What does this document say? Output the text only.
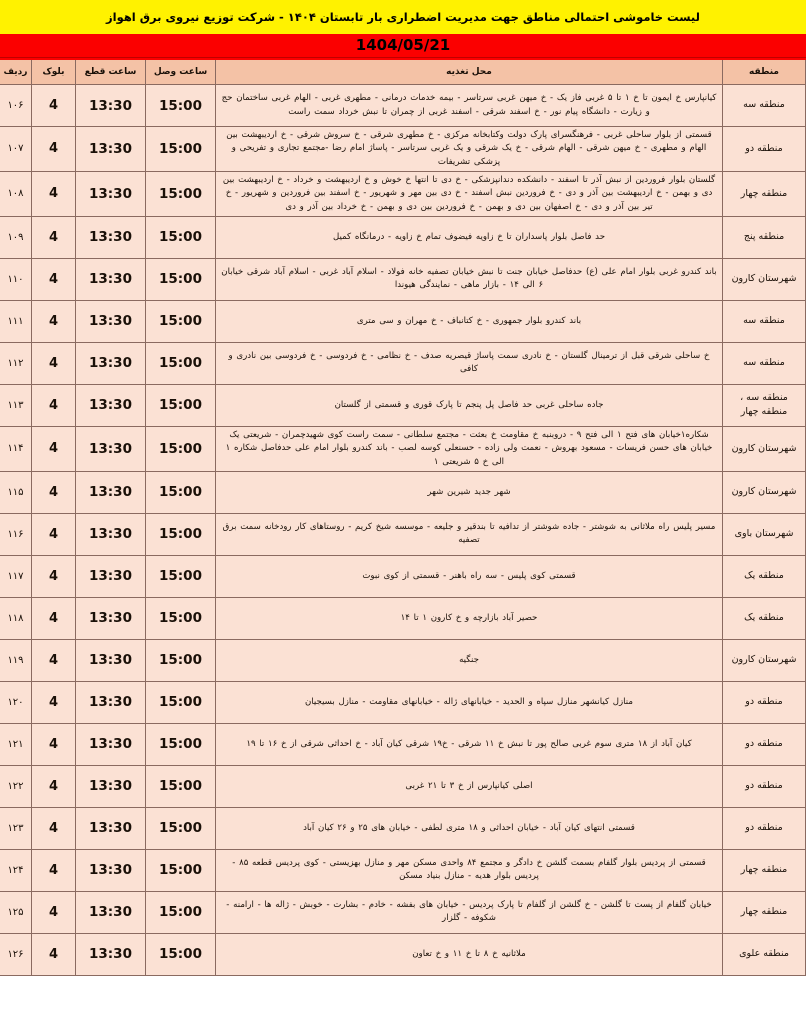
لیست خاموشی احتمالی مناطق جهت مدیریت اضطراری بار تابستان ۱۴۰۴ - شرکت توزیع نیروی برق اهواز
1404/05/21
منطقه	محل تغذیه	ساعت وصل	ساعت قطع	بلوک	ردیف
منطقه سه	کیانپارس خ ایمون تا خ ۱ تا ۵ غربی فاز یک - خ میهن غربی سرتاسر - بیمه خدمات درمانی - مطهری غربی - الهام غربی ساختمان حج و زیارت - دانشگاه پیام نور - خ اسفند شرقی - اسفند غربی از چمران تا نبش خرداد سمت راست	15:00	13:30	4	۱۰۶
منطقه دو	قسمتی از بلوار ساحلی غربی - فرهنگسرای پارک دولت وکتابخانه مرکزی - خ مطهری شرقی - خ سروش شرقی - خ اردیبهشت بین الهام و مطهری - خ میهن شرقی - الهام شرقی - خ یک شرقی و یک غربی سرتاسر - پاساژ امام رضا -مجتمع تجاری و تفریحی و پزشکی تشریفات	15:00	13:30	4	۱۰۷
منطقه چهار	گلستان بلوار فروردین از نبش آذر تا اسفند - دانشکده دندانپزشکی - خ دی تا انتها خ خوش و خ اردیبهشت و خرداد - خ اردیبهشت بین دی و بهمن - خ اردیبهشت بین آذر و دی - خ فروردین نبش اسفند - خ دی بین مهر و شهریور - خ اسفند بین فروردین و شهریور - خ تیر بین آذر و دی - خ اصفهان بین دی و بهمن - خ فروردین بین دی و بهمن - خ خرداد بین آذر و دی	15:00	13:30	4	۱۰۸
منطقه پنج	حد فاصل بلوار پاسداران تا خ زاویه فیضوف تمام خ زاویه - درمانگاه کمیل	15:00	13:30	4	۱۰۹
شهرستان کارون	باند کندرو غربی بلوار امام علی (ع) حدفاصل خیابان جنت تا نبش خیابان تصفیه خانه فولاد - اسلام آباد غربی - اسلام آباد شرقی خیابان ۶ الی ۱۴ - بازار ماهی - نمایندگی هیوندا	15:00	13:30	4	۱۱۰
منطقه سه	باند کندرو بلوار جمهوری - خ کتانباف - خ مهران و سی متری	15:00	13:30	4	۱۱۱
منطقه سه	خ ساحلی شرقی قبل از ترمینال گلستان - خ نادری سمت پاساژ قیصریه صدف - خ نظامی - خ فردوسی - خ فردوسی بین نادری و کافی	15:00	13:30	4	۱۱۲
منطقه سه ، منطقه چهار	جاده ساحلی غربی حد فاصل پل پنجم تا پارک قوری و قسمتی از گلستان	15:00	13:30	4	۱۱۳
شهرستان کارون	شکاره۱خیابان های فتح ۱ الی فتح ۹ - دروبنبه خ مقاومت خ بعثت - مجتمع سلطانی - سمت راست کوی شهیدچمران - شریعتی یک خیابان های حسن فریسات - مسعود بهروش - نعمت ولی زاده - حسنعلی کوسه لصب - باند کندرو بلوار امام علی حدفاصل شکاره ۱ الی خ ۵ شریعتی ۱	15:00	13:30	4	۱۱۴
شهرستان کارون	شهر جدید شیرین شهر	15:00	13:30	4	۱۱۵
شهرستان باوی	مسیر پلیس راه ملاثانی به شوشتر - جاده شوشتر از تدافیه تا بندقیر و جلیعه - موسسه شیخ کریم - روستاهای کار رودخانه سمت برق تصفیه	15:00	13:30	4	۱۱۶
منطقه یک	قسمتی کوی پلیس - سه راه باهنر - قسمتی از کوی نبوت	15:00	13:30	4	۱۱۷
منطقه یک	حصیر آباد بازارچه و خ کارون ۱ تا ۱۴	15:00	13:30	4	۱۱۸
شهرستان کارون	جنگیه	15:00	13:30	4	۱۱۹
منطقه دو	منازل کیانشهر منازل سپاه و الحدید - خیابانهای ژاله - خیابانهای مقاومت - منازل بسیجیان	15:00	13:30	4	۱۲۰
منطقه دو	کیان آباد از ۱۸ متری سوم غربی صالح پور تا نبش خ ۱۱ شرقی - خ۱۹ شرقی کیان آباد - خ احداثی شرقی از خ ۱۶ تا ۱۹	15:00	13:30	4	۱۲۱
منطقه دو	اصلی کیانپارس از خ ۳ تا ۲۱ غربی	15:00	13:30	4	۱۲۲
منطقه دو	قسمتی انتهای کیان آباد - خیابان احداثی و ۱۸ متری لطفی - خیابان های ۲۵ و ۲۶ کیان آباد	15:00	13:30	4	۱۲۳
منطقه چهار	قسمتی از پردیس بلوار گلفام بسمت گلشن خ دادگر و مجتمع ۸۴ واحدی مسکن مهر و منازل بهزیستی - کوی پردیس قطعه ۸۵ - پردیس بلوار هدیه - منازل بنیاد مسکن	15:00	13:30	4	۱۲۴
منطقه چهار	خیابان گلفام از پست تا گلشن - خ گلشن از گلفام تا پارک پردیس - خیابان های بفشه - خادم - بشارت - خوبش - ژاله ها - ارامنه - شکوفه - گلزار	15:00	13:30	4	۱۲۵
منطقه علوی	ملاثانیه خ ۸ تا خ ۱۱ و خ تعاون	15:00	13:30	4	۱۲۶
